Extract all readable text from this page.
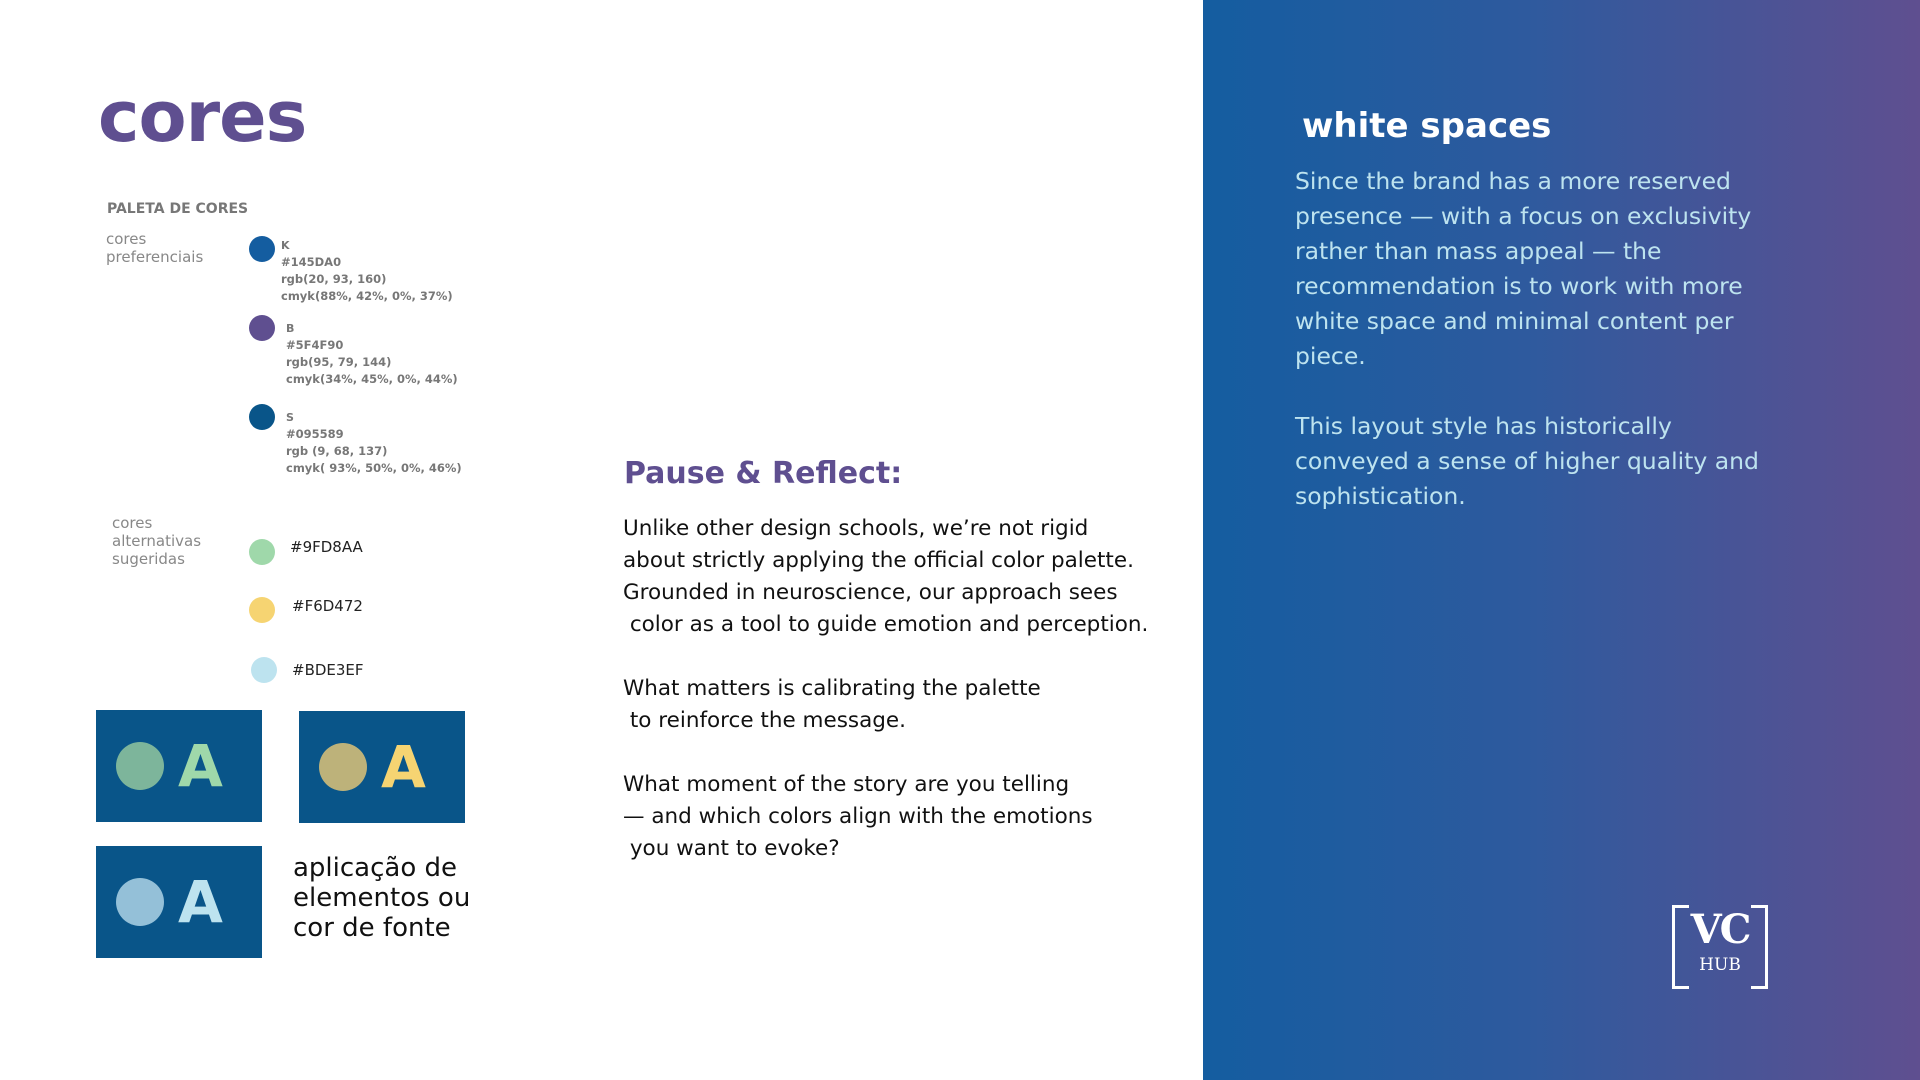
cores
PALETA DE CORES
cores
preferenciais
K
#145DA0
rgb(20, 93, 160)
cmyk(88%, 42%, 0%, 37%)
B
#5F4F90
rgb(95, 79, 144)
cmyk(34%, 45%, 0%, 44%)
S
#095589
rgb (9, 68, 137)
cmyk( 93%, 50%, 0%, 46%)
cores
alternativas
sugeridas
#9FD8AA
#F6D472
#BDE3EF
A	A
A	aplicação de
elementos ou
cor de fonte
Pause & Reflect:

Unlike other design schools, we’re not rigid
about strictly applying the official color palette.
Grounded in neuroscience, our approach sees
color as a tool to guide emotion and perception.

What matters is calibrating the palette
to reinforce the message.

What moment of the story are you telling
— and which colors align with the emotions
you want to evoke?

white spaces

Since the brand has a more reserved
presence — with a focus on exclusivity
rather than mass appeal — the
recommendation is to work with more
white space and minimal content per
piece.

This layout style has historically
conveyed a sense of higher quality and
sophistication.

VC
HUB
